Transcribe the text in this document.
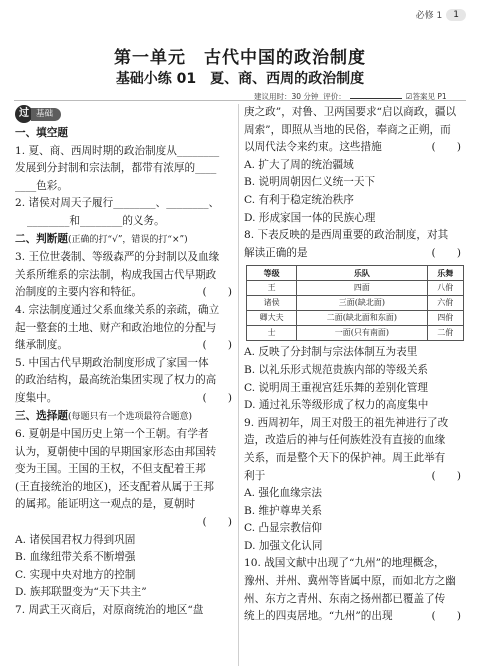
必修 1	1
第一单元　古代中国的政治制度
基础小练 01　夏、商、西周的政治制度
建议用时：30 分钟 评价：	☑答案见 P1
过 基础
一、填空题
1. 夏、商、西周时期的政治制度从________
发展到分封制和宗法制，都带有浓厚的____
____色彩。
2. 诸侯对周天子履行________、________、
________和________的义务。
二、判断题(正确的打“√”，错误的打“×”)
3. 王位世袭制、等级森严的分封制以及血缘
关系所维系的宗法制，构成我国古代早期政
治制度的主要内容和特征。	(　　)
4. 宗法制度通过父系血缘关系的亲疏，确立
起一整套的土地、财产和政治地位的分配与
继承制度。	(　　)
5. 中国古代早期政治制度形成了家国一体
的政治结构，最高统治集团实现了权力的高
度集中。	(　　)
三、选择题(每题只有一个选项最符合题意)
6. 夏朝是中国历史上第一个王朝。有学者
认为，夏朝使中国的早期国家形态由邦国转
变为王国。王国的王权，不但支配着王邦
(王直接统治的地区)，还支配着从属于王邦
的属邦。能证明这一观点的是，夏朝时
(　　)
A. 诸侯国君权力得到巩固
B. 血缘纽带关系不断增强
C. 实现中央对地方的控制
D. 族邦联盟变为“天下共主”
7. 周武王灭商后，对原商统治的地区“盘
庚之政”，对鲁、卫两国要求“启以商政，疆以
周索”，即照从当地的民俗，奉商之正朔，而
以周代法令来约束。这些措施	(　　)
A. 扩大了周的统治疆域
B. 说明周朝因仁义统一天下
C. 有利于稳定统治秩序
D. 形成家国一体的民族心理
8. 下表反映的是西周重要的政治制度，对其
解读正确的是	(　　)
等级	乐队	乐舞
王	四面	八佾
诸侯	三面(缺北面)	六佾
卿大夫	二面(缺北面和东面)	四佾
士	一面(只有南面)	二佾
A. 反映了分封制与宗法体制互为表里
B. 以礼乐形式规范贵族内部的等级关系
C. 说明周王重视宫廷乐舞的差别化管理
D. 通过礼乐等级形成了权力的高度集中
9. 西周初年，周王对殷王的祖先神进行了改
造，改造后的神与任何族姓没有直接的血缘
关系，而是整个天下的保护神。周王此举有
利于	(　　)
A. 强化血缘宗法
B. 维护尊卑关系
C. 凸显宗教信仰
D. 加强文化认同
10. 战国文献中出现了“九州”的地理概念，
豫州、并州、冀州等皆属中原，而如北方之幽
州、东方之青州、东南之扬州都已覆盖了传
统上的四夷居地。“九州”的出现	(　　)
